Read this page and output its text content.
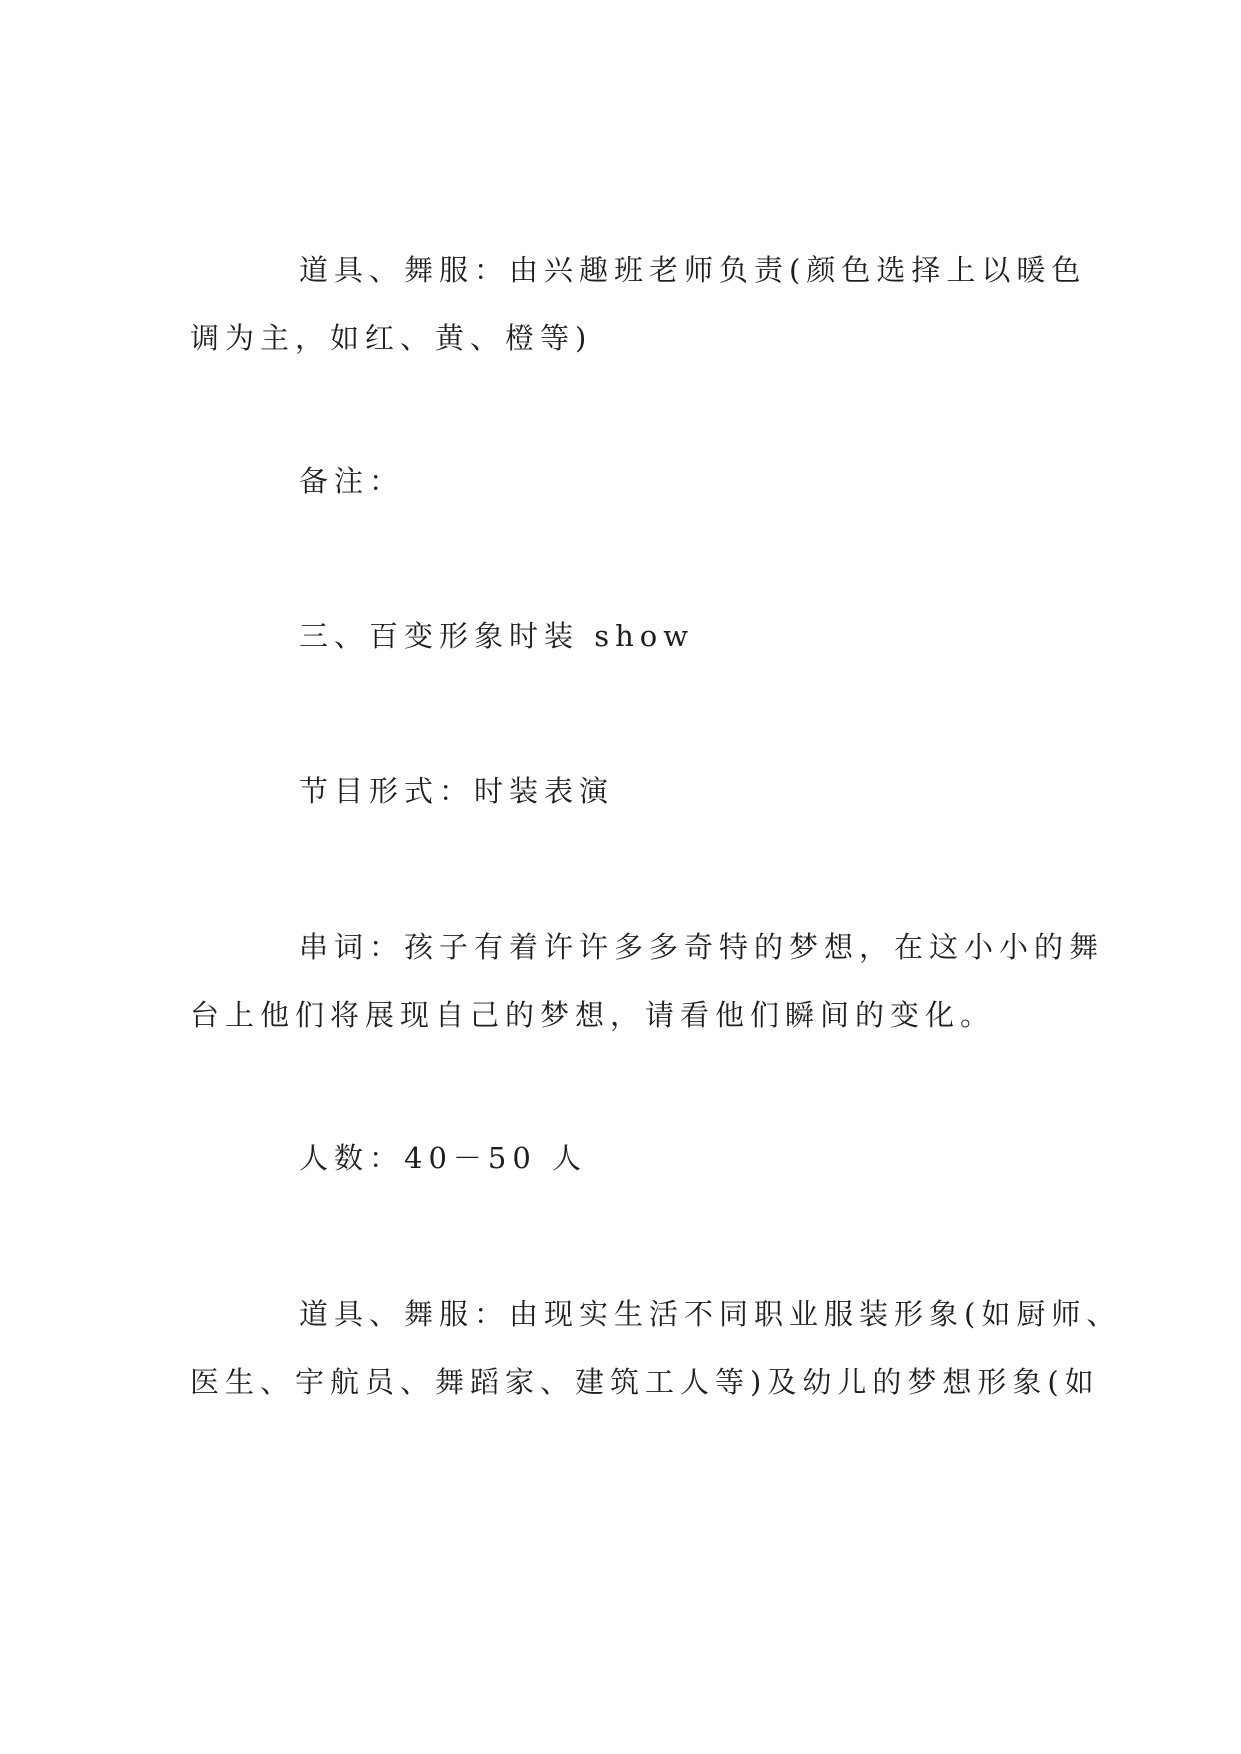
道具、舞服：由兴趣班老师负责(颜色选择上以暖色
调为主，如红、黄、橙等)

备注：

三、百变形象时装 show

节目形式：时装表演

串词：孩子有着许许多多奇特的梦想，在这小小的舞
台上他们将展现自己的梦想，请看他们瞬间的变化。

人数：40－50 人

道具、舞服：由现实生活不同职业服装形象(如厨师、
医生、宇航员、舞蹈家、建筑工人等)及幼儿的梦想形象(如
